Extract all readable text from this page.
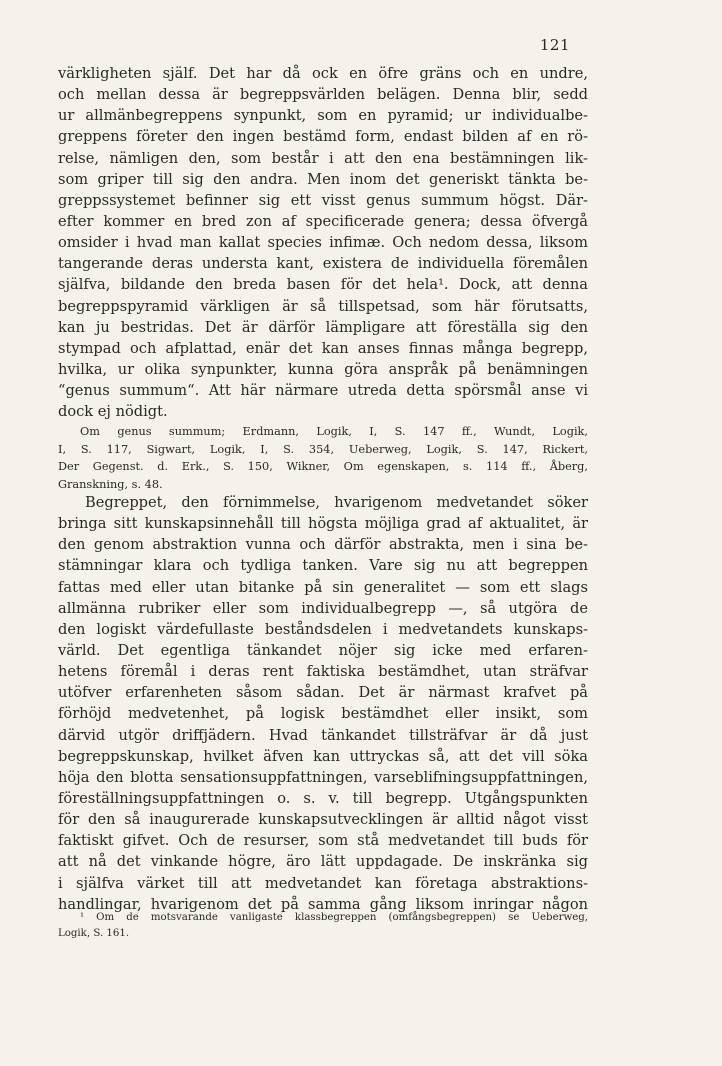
121
värkligheten själf. Det har då ock en öfre gräns och en undre,
och mellan dessa är begreppsvärlden belägen. Denna blir, sedd
ur allmänbegreppens synpunkt, som en pyramid; ur individualbe-
greppens företer den ingen bestämd form, endast bilden af en rö-
relse, nämligen den, som består i att den ena bestämningen lik-
som griper till sig den andra. Men inom det generiskt tänkta be-
greppssystemet befinner sig ett visst genus summum högst. Där-
efter kommer en bred zon af specificerade genera; dessa öfvergå
omsider i hvad man kallat species infimæ. Och nedom dessa, liksom
tangerande deras understa kant, existera de individuella föremålen
själfva, bildande den breda basen för det hela¹. Dock, att denna
begreppspyramid värkligen är så tillspetsad, som här förutsatts,
kan ju bestridas. Det är därför lämpligare att föreställa sig den
stympad och afplattad, enär det kan anses finnas många begrepp,
hvilka, ur olika synpunkter, kunna göra anspråk på benämningen
“genus summum“. Att här närmare utreda detta spörsmål anse vi
dock ej nödigt.
Om genus summum; Erdmann, Logik, I, S. 147 ff., Wundt, Logik,
I, S. 117, Sigwart, Logik, I, S. 354, Ueberweg, Logik, S. 147, Rickert,
Der Gegenst. d. Erk., S. 150, Wikner, Om egenskapen, s. 114 ff., Åberg,
Granskning, s. 48.
Begreppet, den förnimmelse, hvarigenom medvetandet söker
bringa sitt kunskapsinnehåll till högsta möjliga grad af aktualitet, är
den genom abstraktion vunna och därför abstrakta, men i sina be-
stämningar klara och tydliga tanken. Vare sig nu att begreppen
fattas med eller utan bitanke på sin generalitet — som ett slags
allmänna rubriker eller som individualbegrepp —, så utgöra de
den logiskt värdefullaste beståndsdelen i medvetandets kunskaps-
värld. Det egentliga tänkandet nöjer sig icke med erfaren-
hetens föremål i deras rent faktiska bestämdhet, utan sträfvar
utöfver erfarenheten såsom sådan. Det är närmast krafvet på
förhöjd medvetenhet, på logisk bestämdhet eller insikt, som
därvid utgör driffjädern. Hvad tänkandet tillsträfvar är då just
begreppskunskap, hvilket äfven kan uttryckas så, att det vill söka
höja den blotta sensationsuppfattningen, varseblifningsuppfattningen,
föreställningsuppfattningen o. s. v. till begrepp. Utgångspunkten
för den så inaugurerade kunskapsutvecklingen är alltid något visst
faktiskt gifvet. Och de resurser, som stå medvetandet till buds för
att nå det vinkande högre, äro lätt uppdagade. De inskränka sig
i själfva värket till att medvetandet kan företaga abstraktions-
handlingar, hvarigenom det på samma gång liksom inringar någon
¹ Om de motsvarande vanligaste klassbegreppen (omfångsbegreppen) se Ueberweg,
Logik, S. 161.
